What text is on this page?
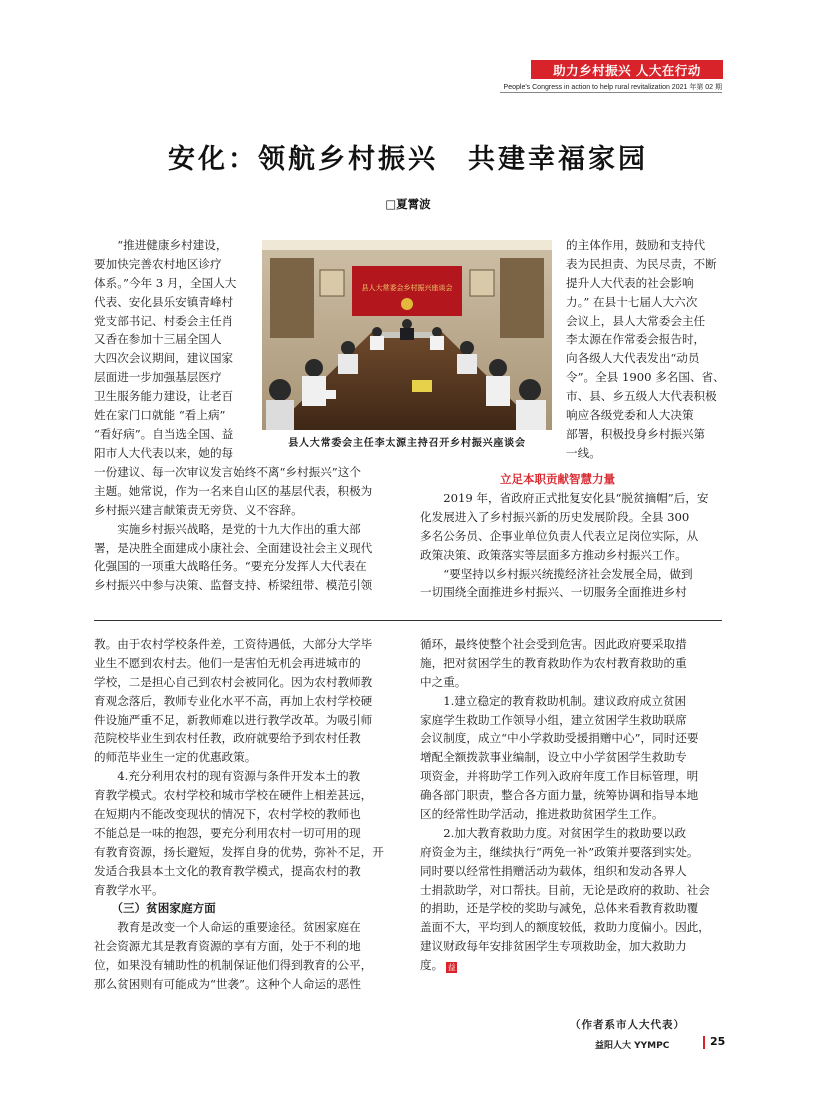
助力乡村振兴 人大在行动
People's Congress in action to help rural revitalization 2021 年第 02 期
安化：领航乡村振兴　共建幸福家园
□夏霄波
　　“推进健康乡村建设，
要加快完善农村地区诊疗
体系。”今年 3 月，全国人大
代表、安化县乐安镇青峰村
党支部书记、村委会主任肖
又香在参加十三届全国人
大四次会议期间，建议国家
层面进一步加强基层医疗
卫生服务能力建设，让老百
姓在家门口就能 “看上病”
“看好病”。自当选全国、益
阳市人大代表以来，她的每
一份建议、每一次审议发言始终不离“乡村振兴”这个
主题。她常说，作为一名来自山区的基层代表，积极为
乡村振兴建言献策责无旁贷、义不容辞。
　　实施乡村振兴战略，是党的十九大作出的重大部
署，是决胜全面建成小康社会、全面建设社会主义现代
化强国的一项重大战略任务。“要充分发挥人大代表在
乡村振兴中参与决策、监督支持、桥梁纽带、模范引领
县人大常委会乡村振兴座谈会
县人大常委会主任李太源主持召开乡村振兴座谈会
的主体作用，鼓励和支持代
表为民担责、为民尽责，不断
提升人大代表的社会影响
力。” 在县十七届人大六次
会议上，县人大常委会主任
李太源在作常委会报告时，
向各级人大代表发出“动员
令”。全县 1900 多名国、省、
市、县、乡五级人大代表积极
响应各级党委和人大决策
部署，积极投身乡村振兴第
一线。
立足本职贡献智慧力量
　　2019 年，省政府正式批复安化县“脱贫摘帽”后，安
化发展进入了乡村振兴新的历史发展阶段。全县 300
多名公务员、企事业单位负责人代表立足岗位实际，从
政策决策、政策落实等层面多方推动乡村振兴工作。
　　“要坚持以乡村振兴统揽经济社会发展全局，做到
一切围绕全面推进乡村振兴、一切服务全面推进乡村
教。由于农村学校条件差，工资待遇低，大部分大学毕
业生不愿到农村去。他们一是害怕无机会再进城市的
学校，二是担心自己到农村会被同化。因为农村教师教
育观念落后，教师专业化水平不高，再加上农村学校硬
件设施严重不足，新教师难以进行教学改革。为吸引师
范院校毕业生到农村任教，政府就要给予到农村任教
的师范毕业生一定的优惠政策。
　　4.充分利用农村的现有资源与条件开发本土的教
育教学模式。农村学校和城市学校在硬件上相差甚远，
在短期内不能改变现状的情况下，农村学校的教师也
不能总是一味的抱怨，要充分利用农村一切可用的现
有教育资源，扬长避短，发挥自身的优势，弥补不足，开
发适合我县本土文化的教育教学模式，提高农村的教
育教学水平。
　　（三）贫困家庭方面
　　教育是改变一个人命运的重要途径。贫困家庭在
社会资源尤其是教育资源的享有方面，处于不利的地
位，如果没有辅助性的机制保证他们得到教育的公平，
那么贫困则有可能成为“世袭”。这种个人命运的恶性
循环，最终使整个社会受到危害。因此政府要采取措
施，把对贫困学生的教育救助作为农村教育救助的重
中之重。
　　1.建立稳定的教育救助机制。建议政府成立贫困
家庭学生救助工作领导小组，建立贫困学生救助联席
会议制度，成立“中小学救助受援捐赠中心”，同时还要
增配全额拨款事业编制，设立中小学贫困学生救助专
项资金，并将助学工作列入政府年度工作目标管理，明
确各部门职责，整合各方面力量，统筹协调和指导本地
区的经常性助学活动，推进救助贫困学生工作。
　　2.加大教育救助力度。对贫困学生的救助要以政
府资金为主，继续执行“两免一补”政策并要落到实处。
同时要以经常性捐赠活动为载体，组织和发动各界人
士捐款助学，对口帮扶。目前，无论是政府的救助、社会
的捐助，还是学校的奖助与减免，总体来看教育救助覆
盖面不大，平均到人的额度较低，救助力度偏小。因此，
建议财政每年安排贫困学生专项救助金，加大救助力
度。 益
（作者系市人大代表）
益阳人大 YYMPC	25
